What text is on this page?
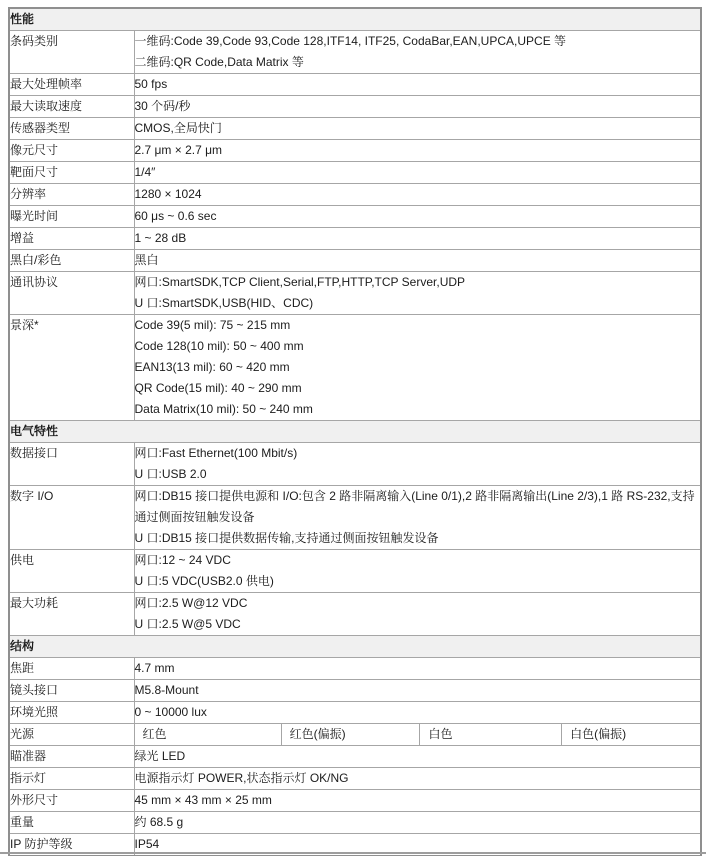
性能	
条码类别	一维码:Code 39,Code 93,Code 128,ITF14, ITF25, CodaBar,EAN,UPCA,UPCE 等
二维码:QR Code,Data Matrix 等

最大处理帧率	50 fps

最大读取速度	30 个码/秒

传感器类型	CMOS,全局快门

像元尺寸	2.7 μm × 2.7 μm

靶面尺寸	1/4″

分辨率	1280 × 1024

曝光时间	60 μs ~ 0.6 sec

增益	1 ~ 28 dB

黑白/彩色	黑白

通讯协议	网口:SmartSDK,TCP Client,Serial,FTP,HTTP,TCP Server,UDP
U 口:SmartSDK,USB(HID、CDC)

景深*	Code 39(5 mil): 75 ~ 215 mm
Code 128(10 mil): 50 ~ 400 mm
EAN13(13 mil): 60 ~ 420 mm
QR Code(15 mil): 40 ~ 290 mm
Data Matrix(10 mil): 50 ~ 240 mm

电气特性	
数据接口	网口:Fast Ethernet(100 Mbit/s)
U 口:USB 2.0

数字 I/O	网口:DB15 接口提供电源和 I/O:包含 2 路非隔离输入(Line 0/1),2 路非隔离输出(Line 2/3),1 路 RS-232,支持通过侧面按钮触发设备
U 口:DB15 接口提供数据传输,支持通过侧面按钮触发设备

供电	网口:12 ~ 24 VDC
U 口:5 VDC(USB2.0 供电)

最大功耗	网口:2.5 W@12 VDC
U 口:2.5 W@5 VDC

结构	
焦距	4.7 mm

镜头接口	M5.8-Mount

环境光照	0 ~ 10000 lux

光源	红色 红色(偏振) 白色 白色(偏振)

瞄准器	绿光 LED

指示灯	电源指示灯 POWER,状态指示灯 OK/NG

外形尺寸	45 mm × 43 mm × 25 mm

重量	约 68.5 g

IP 防护等级	IP54
